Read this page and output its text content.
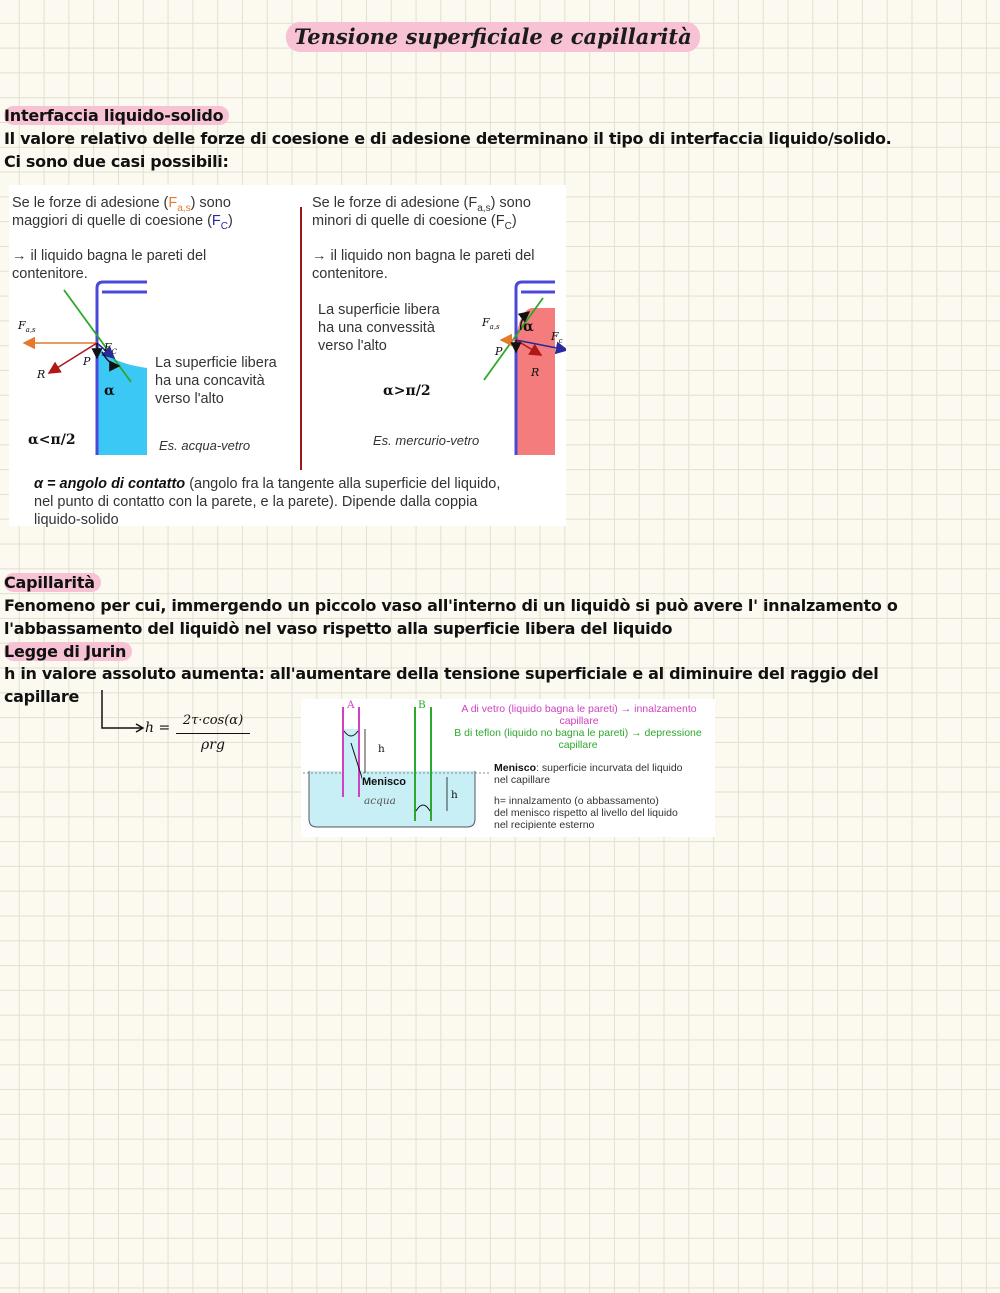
Tensione superficiale e capillarità
Interfaccia liquido-solido
Il valore relativo delle forze di coesione e di adesione determinano il tipo di interfaccia liquido/solido.
Ci sono due casi possibili:
Se le forze di adesione $(F_{a,s})$ sono
maggiori di quelle di coesione $(F_C)$
→ il liquido bagna le pareti del
contenitore.
Se le forze di adesione $(F_{a,s})$ sono
minori di quelle di coesione $(F_C)$
→ il liquido non bagna le pareti del
contenitore.
$F_{a,s}$
$F_C$
P
R
α
La superficie libera
ha una concavità
verso l'alto
α<π/2	Es. acqua-vetro
$F_{a,s}$
$F_c$
P
R
α
La superficie libera
ha una convessità
verso l'alto
α>π/2
Es. mercurio-vetro
α = angolo di contatto (angolo fra la tangente alla superficie del liquido,
nel punto di contatto con la parete, e la parete). Dipende dalla coppia
liquido-solido
Capillarità
Fenomeno per cui, immergendo un piccolo vaso all'interno di un liquidò si può avere l' innalzamento o
l'abbassamento del liquidò nel vaso rispetto alla superficie libera del liquido
Legge di Jurin
h in valore assoluto aumenta: all'aumentare della tensione superficiale e al diminuire del raggio del
capillare
h = 2τ·cos(α)
ρrg
A	B
h
h
Menisco
acqua
A di vetro (liquido bagna le pareti) → innalzamento
capillare
B di teflon (liquido no bagna le pareti) → depressione
capillare
Menisco: superficie incurvata del liquido
nel capillare
h= innalzamento (o abbassamento)
del menisco rispetto al livello del liquido
nel recipiente esterno
